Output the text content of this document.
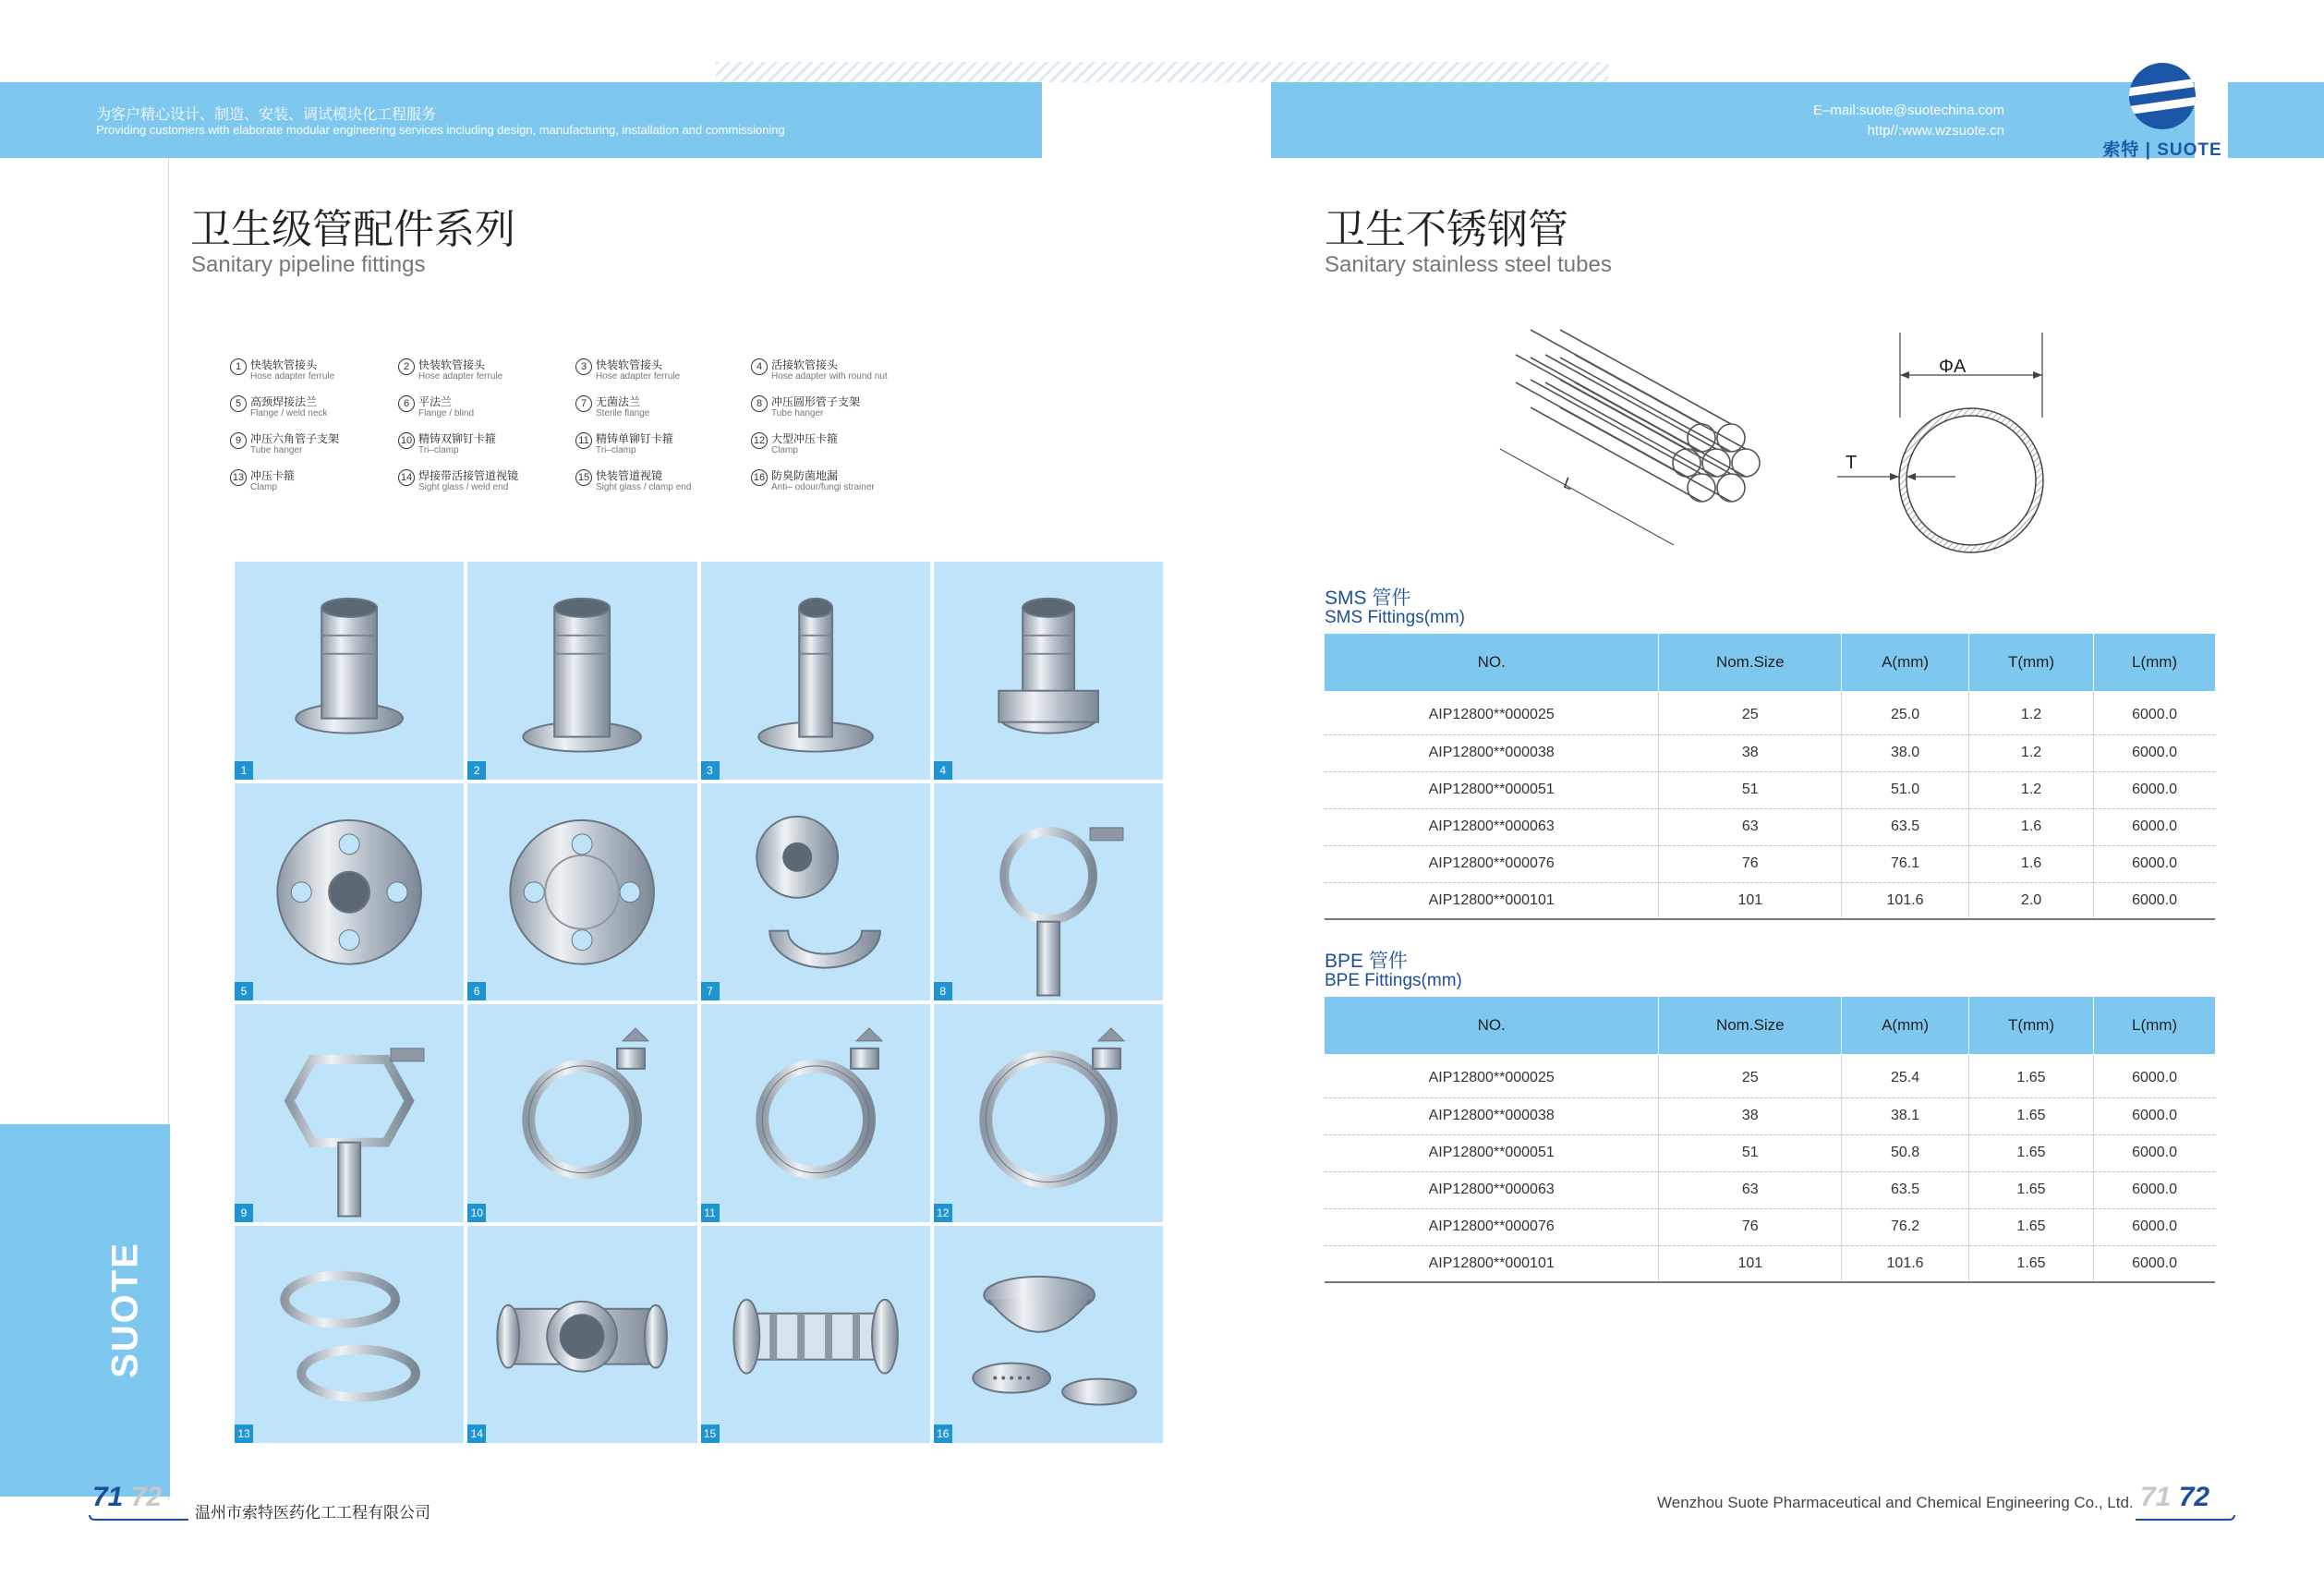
为客户精心设计、制造、安装、调试模块化工程服务
Providing customers with elaborate modular engineering services including design, manufacturing, installation and commissioning
E–mail:suote@suotechina.com
http//:www.wzsuote.cn
索特 | SUOTE
SUOTE
卫生级管配件系列
Sanitary pipeline fittings
卫生不锈钢管
Sanitary stainless steel tubes
1 快装软管接头
Hose adapter ferrule
2 快装软管接头
Hose adapter ferrule
3 快装软管接头
Hose adapter ferrule
4 活接软管接头
Hose adapter with round nut
5 高颈焊接法兰
Flange / weld neck
6 平法兰
Flange / blind
7 无菌法兰
Sterile flange
8 冲压圆形管子支架
Tube hanger
9 冲压六角管子支架
Tube hanger
10 精铸双铆钉卡箍
Tri–clamp
11 精铸单铆钉卡箍
Tri–clamp
12 大型冲压卡箍
Clamp
13 冲压卡箍
Clamp
14 焊接带活接管道视镜
Sight glass / weld end
15 快装管道视镜
Sight glass / clamp end
16 防臭防菌地漏
Anti– odour/fungi strainer
1	2	3	4
5	6	7	8
9	10	11	12
13	14	15	16
L
ΦA
T
SMS 管件
SMS Fittings(mm)
NO.	Nom.Size	A(mm)	T(mm)	L(mm)
AIP12800**000025	25	25.0	1.2	6000.0
AIP12800**000038	38	38.0	1.2	6000.0
AIP12800**000051	51	51.0	1.2	6000.0
AIP12800**000063	63	63.5	1.6	6000.0
AIP12800**000076	76	76.1	1.6	6000.0
AIP12800**000101	101	101.6	2.0	6000.0
BPE 管件
BPE Fittings(mm)
NO.	Nom.Size	A(mm)	T(mm)	L(mm)
AIP12800**000025	25	25.4	1.65	6000.0
AIP12800**000038	38	38.1	1.65	6000.0
AIP12800**000051	51	50.8	1.65	6000.0
AIP12800**000063	63	63.5	1.65	6000.0
AIP12800**000076	76	76.2	1.65	6000.0
AIP12800**000101	101	101.6	1.65	6000.0
71 72
温州市索特医药化工工程有限公司
Wenzhou Suote Pharmaceutical and Chemical Engineering Co., Ltd. 71 72
